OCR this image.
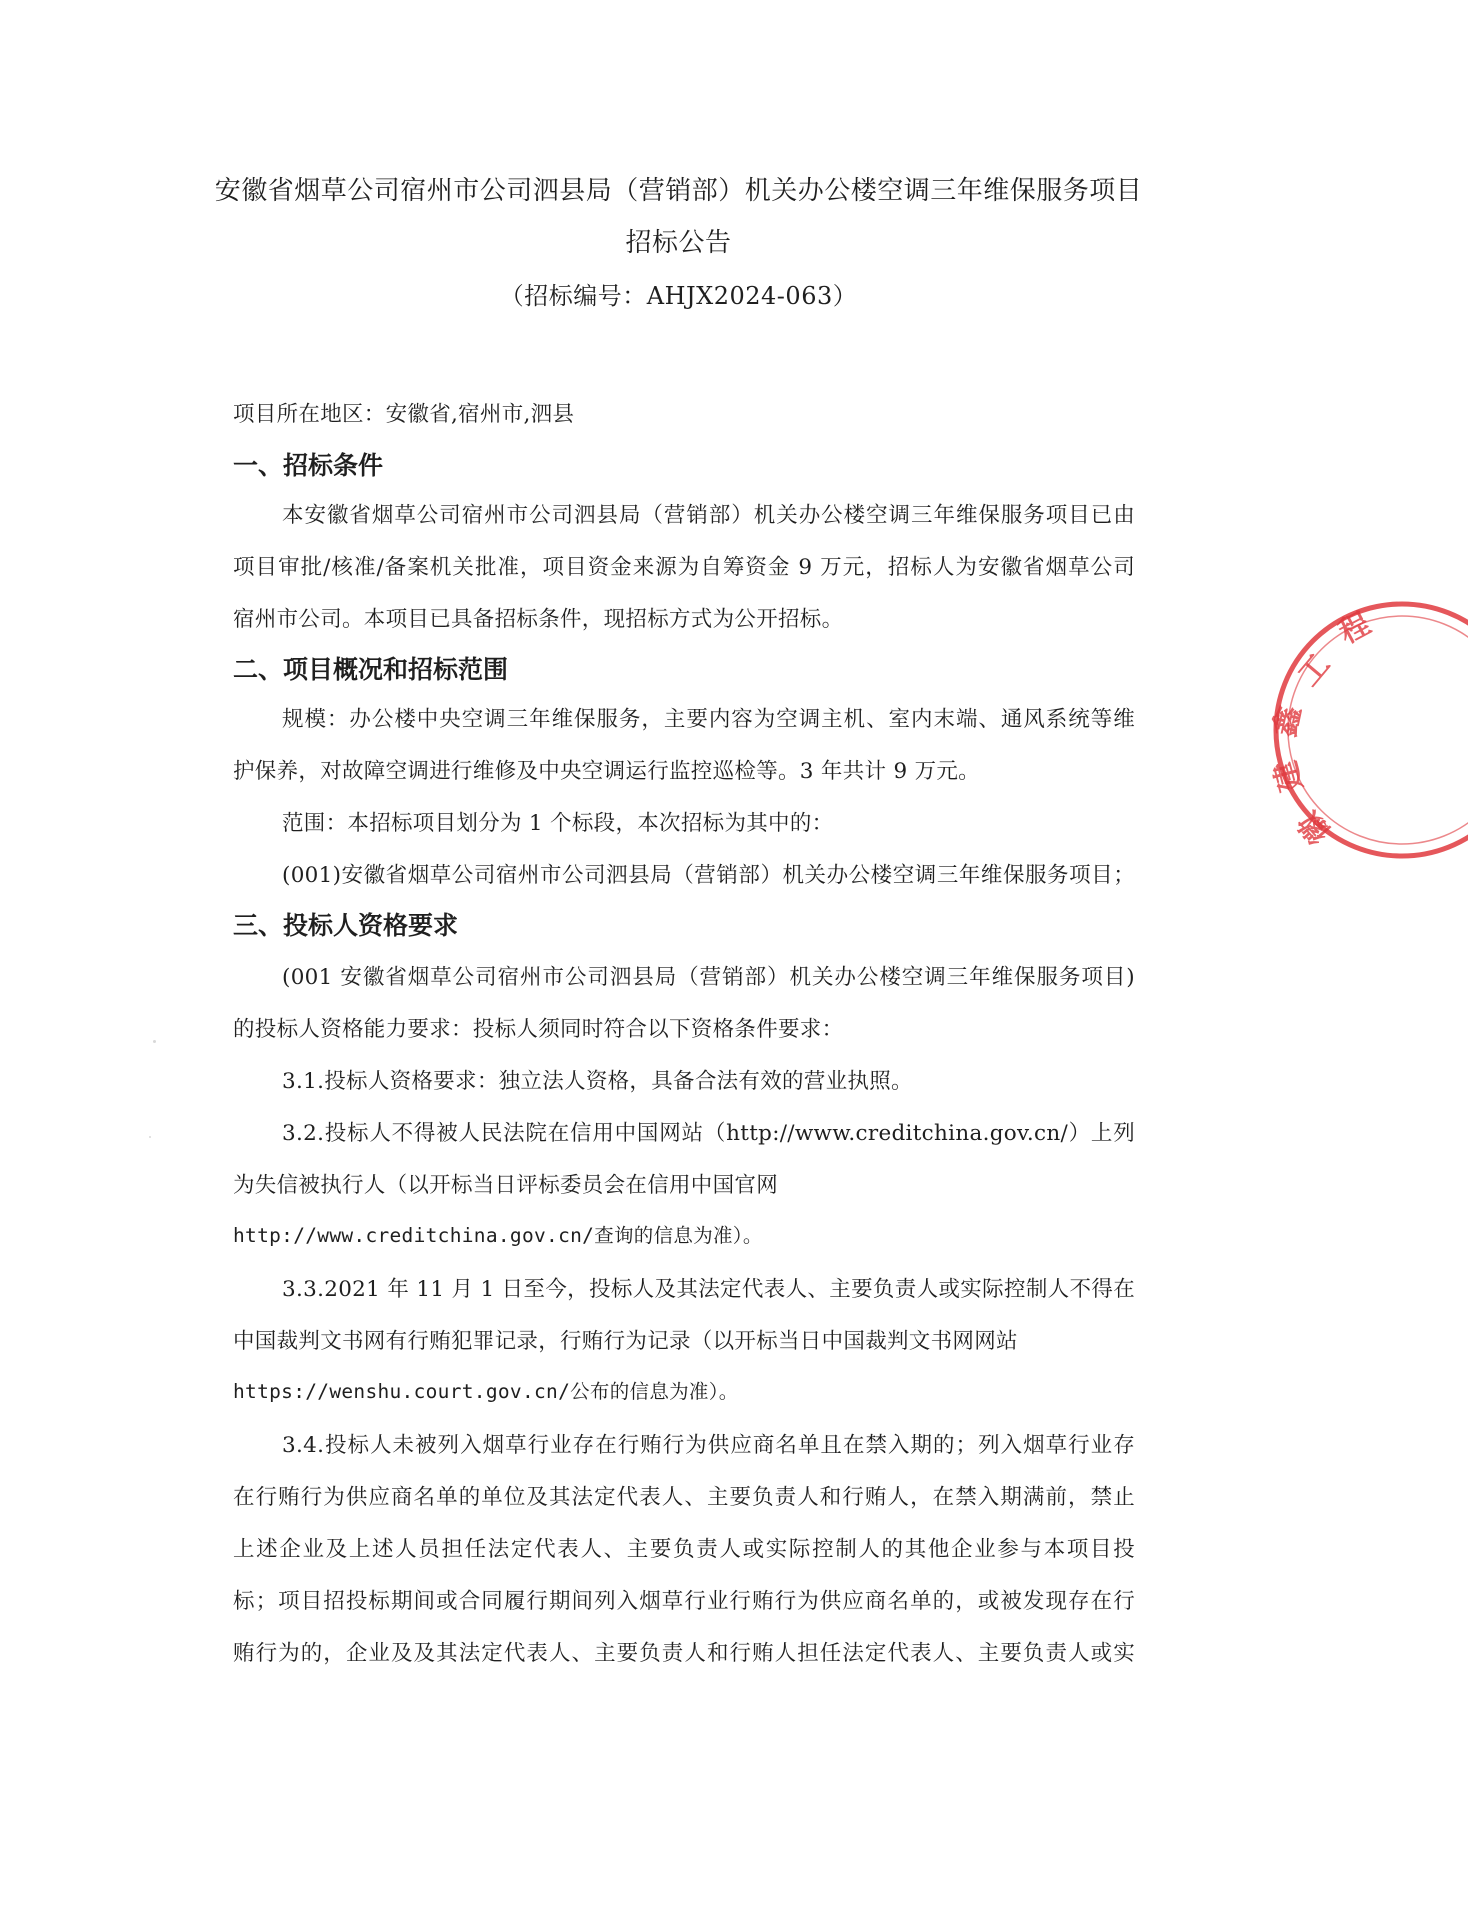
安徽省烟草公司宿州市公司泗县局（营销部）机关办公楼空调三年维保服务项目
招标公告
（招标编号：AHJX2024-063）
项目所在地区：安徽省,宿州市,泗县
一、招标条件
本安徽省烟草公司宿州市公司泗县局（营销部）机关办公楼空调三年维保服务项目已由
项目审批/核准/备案机关批准，项目资金来源为自筹资金 9 万元，招标人为安徽省烟草公司
宿州市公司。本项目已具备招标条件，现招标方式为公开招标。
二、项目概况和招标范围
规模：办公楼中央空调三年维保服务，主要内容为空调主机、室内末端、通风系统等维
护保养，对故障空调进行维修及中央空调运行监控巡检等。3 年共计 9 万元。
范围：本招标项目划分为 1 个标段，本次招标为其中的：
(001)安徽省烟草公司宿州市公司泗县局（营销部）机关办公楼空调三年维保服务项目；
三、投标人资格要求
(001 安徽省烟草公司宿州市公司泗县局（营销部）机关办公楼空调三年维保服务项目)
的投标人资格能力要求：投标人须同时符合以下资格条件要求：
3.1.投标人资格要求：独立法人资格，具备合法有效的营业执照。
3.2.投标人不得被人民法院在信用中国网站（http://www.creditchina.gov.cn/）上列
为失信被执行人（以开标当日评标委员会在信用中国官网
http://www.creditchina.gov.cn/查询的信息为准）。
3.3.2021 年 11 月 1 日至今，投标人及其法定代表人、主要负责人或实际控制人不得在
中国裁判文书网有行贿犯罪记录，行贿行为记录（以开标当日中国裁判文书网网站
https://wenshu.court.gov.cn/公布的信息为准）。
3.4.投标人未被列入烟草行业存在行贿行为供应商名单且在禁入期的；列入烟草行业存
在行贿行为供应商名单的单位及其法定代表人、主要负责人和行贿人，在禁入期满前，禁止
上述企业及上述人员担任法定代表人、主要负责人或实际控制人的其他企业参与本项目投
标；项目招投标期间或合同履行期间列入烟草行业行贿行为供应商名单的，或被发现存在行
贿行为的，企业及及其法定代表人、主要负责人和行贿人担任法定代表人、主要负责人或实
程
工
鑫
建
徽
